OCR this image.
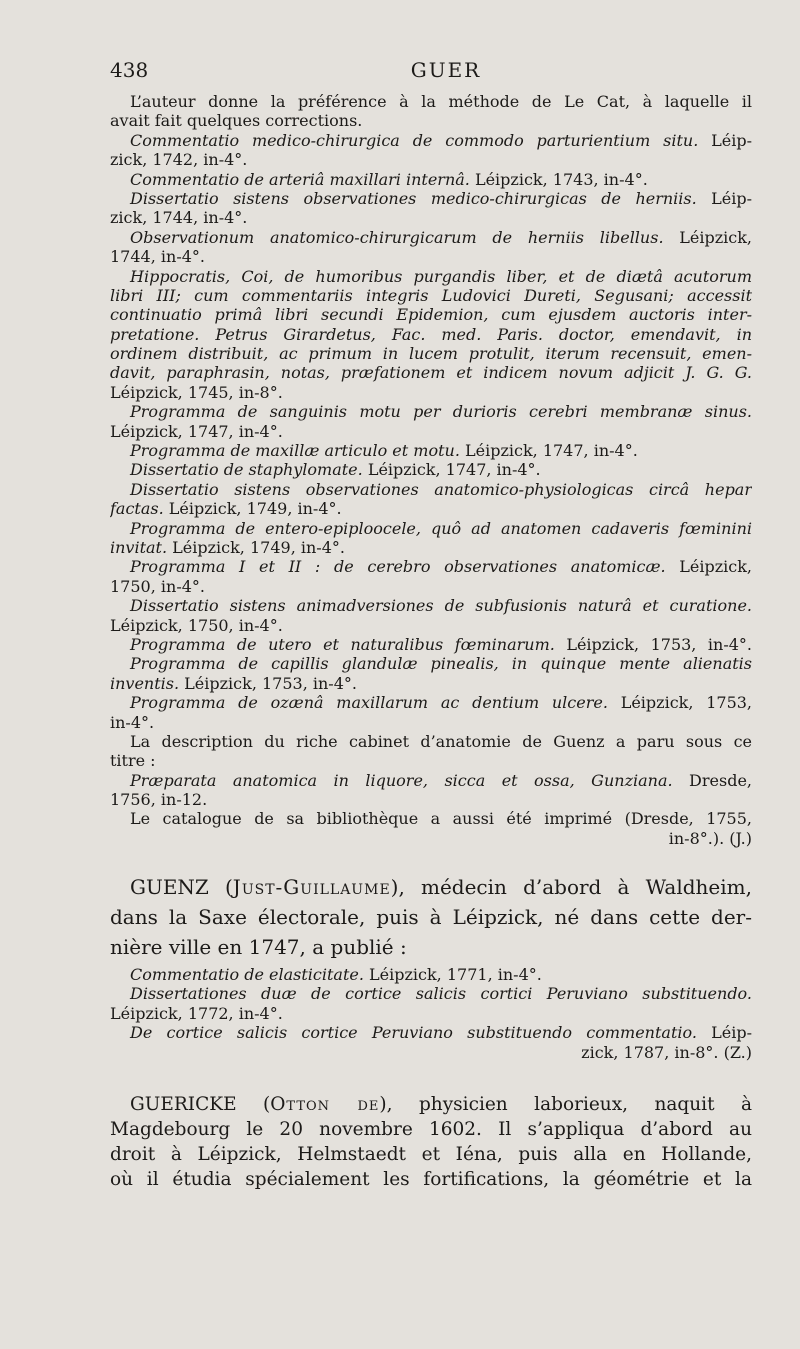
438	GUER
L’auteur donne la préférence à la méthode de Le Cat, à laquelle il
avait fait quelques corrections.
Commentatio medico-chirurgica de commodo parturientium situ. Léip-
zick, 1742, in-4°.
Commentatio de arteriâ maxillari internâ. Léipzick, 1743, in-4°.
Dissertatio sistens observationes medico-chirurgicas de herniis. Léip-
zick, 1744, in-4°.
Observationum anatomico-chirurgicarum de herniis libellus. Léipzick,
1744, in-4°.
Hippocratis, Coi, de humoribus purgandis liber, et de diætâ acutorum
libri III; cum commentariis integris Ludovici Dureti, Segusani; accessit
continuatio primâ libri secundi Epidemion, cum ejusdem auctoris inter-
pretatione. Petrus Girardetus, Fac. med. Paris. doctor, emendavit, in
ordinem distribuit, ac primum in lucem protulit, iterum recensuit, emen-
davit, paraphrasin, notas, præfationem et indicem novum adjicit J. G. G.
Léipzick, 1745, in-8°.
Programma de sanguinis motu per durioris cerebri membranæ sinus.
Léipzick, 1747, in-4°.
Programma de maxillæ articulo et motu. Léipzick, 1747, in-4°.
Dissertatio de staphylomate. Léipzick, 1747, in-4°.
Dissertatio sistens observationes anatomico-physiologicas circâ hepar
factas. Léipzick, 1749, in-4°.
Programma de entero-epiploocele, quô ad anatomen cadaveris fœminini
invitat. Léipzick, 1749, in-4°.
Programma I et II : de cerebro observationes anatomicæ. Léipzick,
1750, in-4°.
Dissertatio sistens animadversiones de subfusionis naturâ et curatione.
Léipzick, 1750, in-4°.
Programma de utero et naturalibus fœminarum. Léipzick, 1753, in-4°.
Programma de capillis glandulæ pinealis, in quinque mente alienatis
inventis. Léipzick, 1753, in-4°.
Programma de ozænâ maxillarum ac dentium ulcere. Léipzick, 1753,
in-4°.
La description du riche cabinet d’anatomie de Guenz a paru sous ce
titre :
Præparata anatomica in liquore, sicca et ossa, Gunziana. Dresde,
1756, in-12.
Le catalogue de sa bibliothèque a aussi été imprimé (Dresde, 1755,
in-8°.). (J.)
GUENZ (Just-Guillaume), médecin d’abord à Waldheim,
dans la Saxe électorale, puis à Léipzick, né dans cette der-
nière ville en 1747, a publié :
Commentatio de elasticitate. Léipzick, 1771, in-4°.
Dissertationes duæ de cortice salicis cortici Peruviano substituendo.
Léipzick, 1772, in-4°.
De cortice salicis cortice Peruviano substituendo commentatio. Léip-
zick, 1787, in-8°. (Z.)
GUERICKE (Otton de), physicien laborieux, naquit à
Magdebourg le 20 novembre 1602. Il s’appliqua d’abord au
droit à Léipzick, Helmstaedt et Iéna, puis alla en Hollande,
où il étudia spécialement les fortifications, la géométrie et la
